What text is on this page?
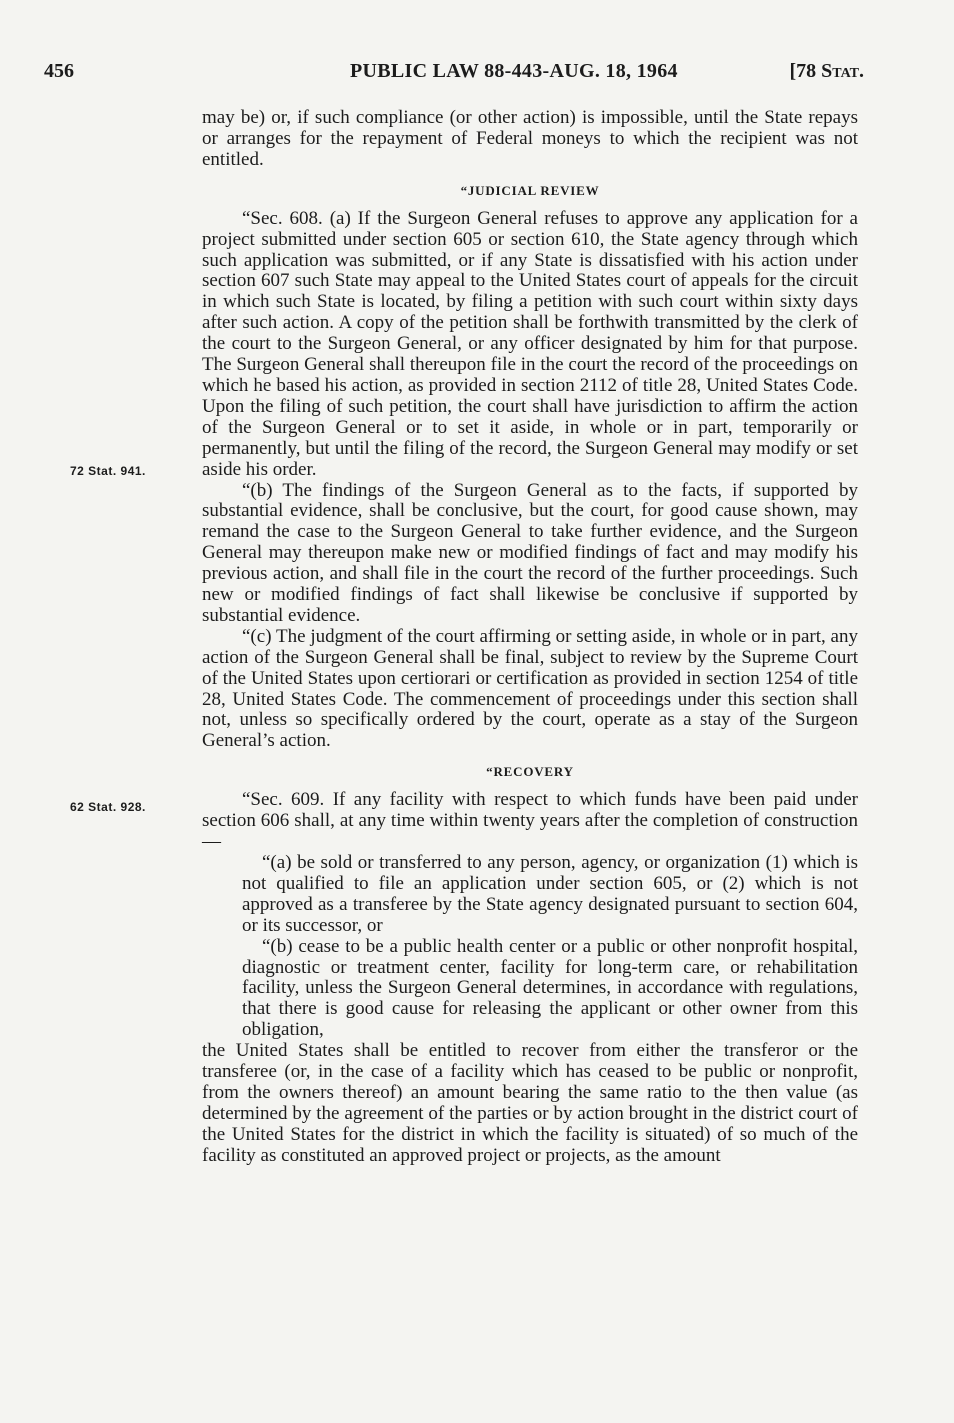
456	PUBLIC LAW 88-443-AUG. 18, 1964	[78 Stat.
72 Stat. 941.
62 Stat. 928.

may be) or, if such compliance (or other action) is impossible, until the State repays or arranges for the repayment of Federal moneys to which the recipient was not entitled.

“JUDICIAL REVIEW

“Sec. 608. (a) If the Surgeon General refuses to approve any application for a project submitted under section 605 or section 610, the State agency through which such application was submitted, or if any State is dissatisfied with his action under section 607 such State may appeal to the United States court of appeals for the circuit in which such State is located, by filing a petition with such court within sixty days after such action. A copy of the petition shall be forthwith transmitted by the clerk of the court to the Surgeon General, or any officer designated by him for that purpose. The Surgeon General shall thereupon file in the court the record of the proceedings on which he based his action, as provided in section 2112 of title 28, United States Code. Upon the filing of such petition, the court shall have jurisdiction to affirm the action of the Surgeon General or to set it aside, in whole or in part, temporarily or permanently, but until the filing of the record, the Surgeon General may modify or set aside his order.

“(b) The findings of the Surgeon General as to the facts, if supported by substantial evidence, shall be conclusive, but the court, for good cause shown, may remand the case to the Surgeon General to take further evidence, and the Surgeon General may thereupon make new or modified findings of fact and may modify his previous action, and shall file in the court the record of the further proceedings. Such new or modified findings of fact shall likewise be conclusive if supported by substantial evidence.

“(c) The judgment of the court affirming or setting aside, in whole or in part, any action of the Surgeon General shall be final, subject to review by the Supreme Court of the United States upon certiorari or certification as provided in section 1254 of title 28, United States Code. The commencement of proceedings under this section shall not, unless so specifically ordered by the court, operate as a stay of the Surgeon General’s action.

“RECOVERY

“Sec. 609. If any facility with respect to which funds have been paid under section 606 shall, at any time within twenty years after the completion of construction—

“(a) be sold or transferred to any person, agency, or organization (1) which is not qualified to file an application under section 605, or (2) which is not approved as a transferee by the State agency designated pursuant to section 604, or its successor, or

“(b) cease to be a public health center or a public or other nonprofit hospital, diagnostic or treatment center, facility for long-term care, or rehabilitation facility, unless the Surgeon General determines, in accordance with regulations, that there is good cause for releasing the applicant or other owner from this obligation,

the United States shall be entitled to recover from either the transferor or the transferee (or, in the case of a facility which has ceased to be public or nonprofit, from the owners thereof) an amount bearing the same ratio to the then value (as determined by the agreement of the parties or by action brought in the district court of the United States for the district in which the facility is situated) of so much of the facility as constituted an approved project or projects, as the amount
